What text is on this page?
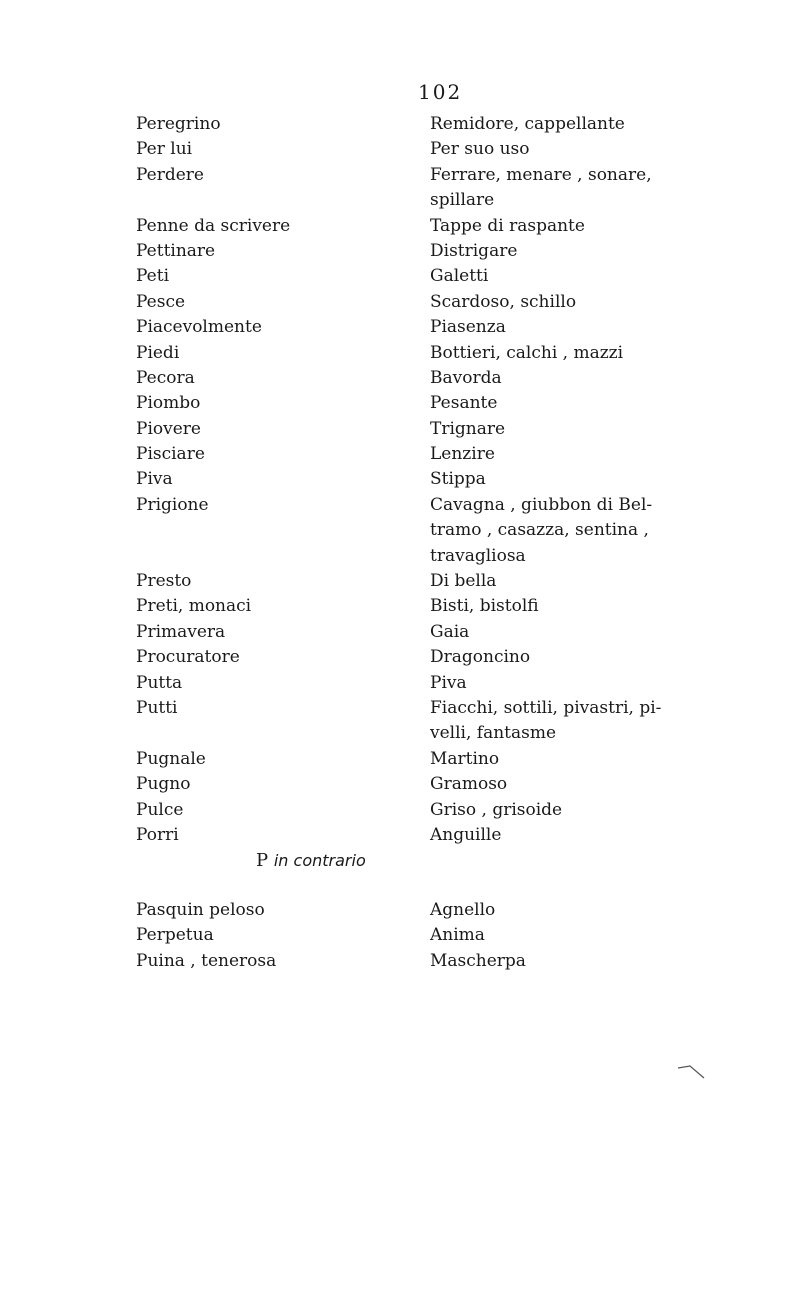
102
Peregrino	Remidore, cappellante
Per lui	Per suo uso
Perdere	Ferrare, menare , sonare, spillare
Penne da scrivere	Tappe di raspante
Pettinare	Distrigare
Peti	Galetti
Pesce	Scardoso, schillo
Piacevolmente	Piasenza
Piedi	Bottieri, calchi , mazzi
Pecora	Bavorda
Piombo	Pesante
Piovere	Trignare
Pisciare	Lenzire
Piva	Stippa
Prigione	Cavagna , giubbon di Bel- tramo , casazza, sentina , travagliosa
Presto	Di bella
Preti, monaci	Bisti, bistolfi
Primavera	Gaia
Procuratore	Dragoncino
Putta	Piva
Putti	Fiacchi, sottili, pivastri, pi- velli, fantasme
Pugnale	Martino
Pugno	Gramoso
Pulce	Griso , grisoide
Porri	Anguille
P in contrario
Pasquin peloso	Agnello
Perpetua	Anima
Puina , tenerosa	Mascherpa
